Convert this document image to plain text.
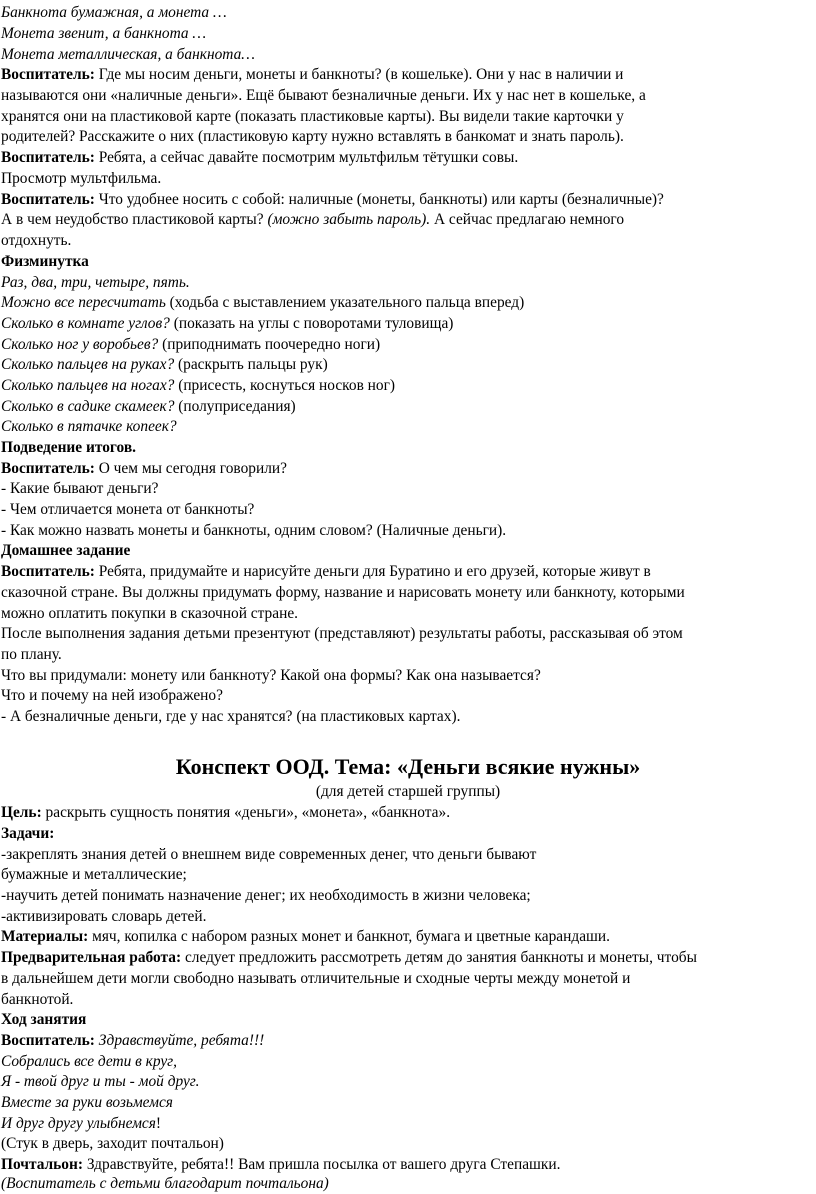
Банкнота бумажная, а монета …

Монета звенит, а банкнота …

Монета металлическая, а банкнота…

Воспитатель: Где мы носим деньги, монеты и банкноты? (в кошельке). Они у нас в наличии и

называются они «наличные деньги». Ещё бывают безналичные деньги. Их у нас нет в кошельке, а

хранятся они на пластиковой карте (показать пластиковые карты). Вы видели такие карточки у

родителей? Расскажите о них (пластиковую карту нужно вставлять в банкомат и знать пароль).

Воспитатель: Ребята, а сейчас давайте посмотрим мультфильм тётушки совы.

Просмотр мультфильма.

Воспитатель: Что удобнее носить с собой: наличные (монеты, банкноты) или карты (безналичные)?

А в чем неудобство пластиковой карты? (можно забыть пароль). А сейчас предлагаю немного

отдохнуть.

Физминутка

Раз, два, три, четыре, пять.

Можно все пересчитать (ходьба с выставлением указательного пальца вперед)

Сколько в комнате углов? (показать на углы с поворотами туловища)

Сколько ног у воробьев? (приподнимать поочередно ноги)

Сколько пальцев на руках? (раскрыть пальцы рук)

Сколько пальцев на ногах? (присесть, коснуться носков ног)

Сколько в садике скамеек? (полуприседания)

Сколько в пятачке копеек?

Подведение итогов.

Воспитатель: О чем мы сегодня говорили?

- Какие бывают деньги?

- Чем отличается монета от банкноты?

- Как можно назвать монеты и банкноты, одним словом? (Наличные деньги).

Домашнее задание

Воспитатель: Ребята, придумайте и нарисуйте деньги для Буратино и его друзей, которые живут в

сказочной стране. Вы должны придумать форму, название и нарисовать монету или банкноту, которыми

можно оплатить покупки в сказочной стране.

После выполнения задания детьми презентуют (представляют) результаты работы, рассказывая об этом

по плану.

Что вы придумали: монету или банкноту? Какой она формы? Как она называется?

Что и почему на ней изображено?

- А безналичные деньги, где у нас хранятся? (на пластиковых картах).

Конспект ООД. Тема: «Деньги всякие нужны»
(для детей старшей группы)

Цель: раскрыть сущность понятия «деньги», «монета», «банкнота».

Задачи:

-закреплять знания детей о внешнем виде современных денег, что деньги бывают

бумажные и металлические;

-научить детей понимать назначение денег; их необходимость в жизни человека;

-активизировать словарь детей.

Материалы: мяч, копилка с набором разных монет и банкнот, бумага и цветные карандаши.

Предварительная работа: следует предложить рассмотреть детям до занятия банкноты и монеты, чтобы

в дальнейшем дети могли свободно называть отличительные и сходные черты между монетой и

банкнотой.

Ход занятия

Воспитатель: Здравствуйте, ребята!!!

Собрались все дети в круг,

Я - твой друг и ты - мой друг.

Вместе за руки возьмемся

И друг другу улыбнемся!

(Стук в дверь, заходит почтальон)

Почтальон: Здравствуйте, ребята!! Вам пришла посылка от вашего друга Степашки.

(Воспитатель с детьми благодарит почтальона)
